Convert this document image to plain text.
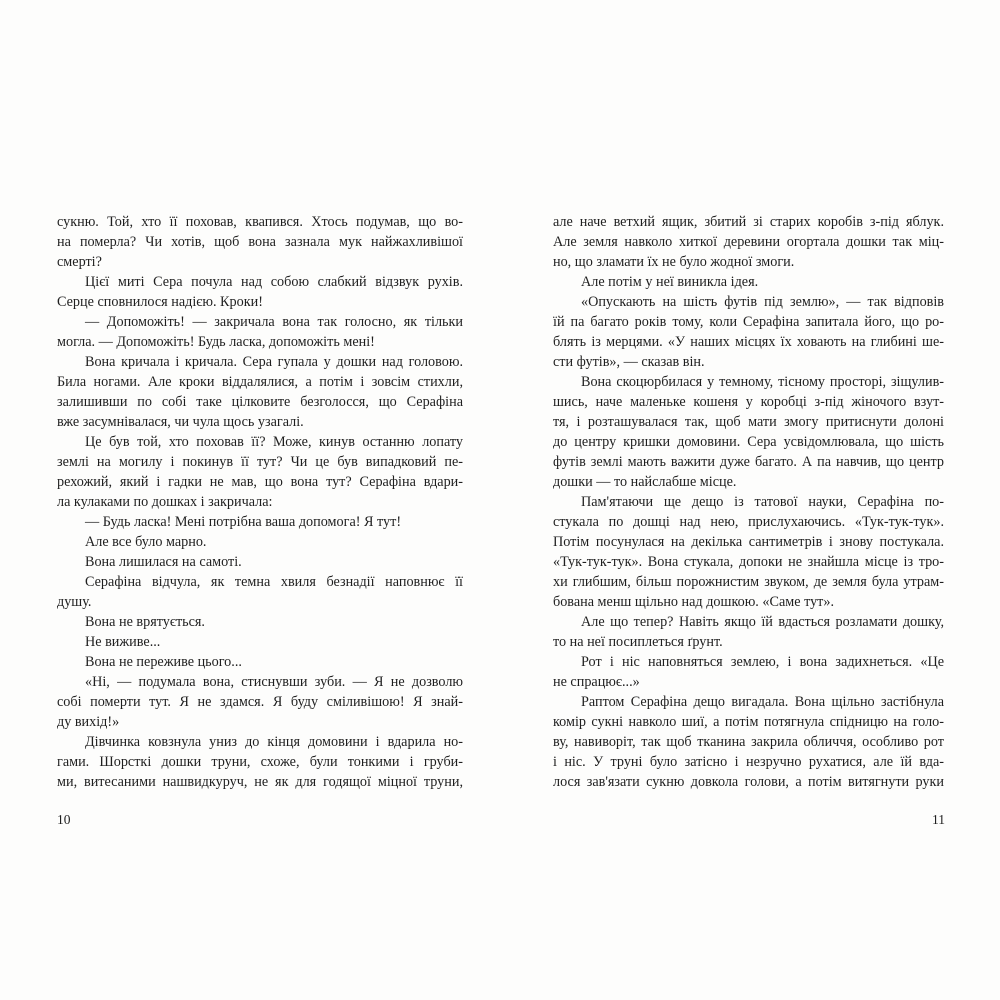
сукню. Той, хто її поховав, квапився. Хтось подумав, що во-
на померла? Чи хотів, щоб вона зазнала мук найжахливішої
смерті?
Цієї миті Сера почула над собою слабкий відзвук рухів.
Серце сповнилося надією. Кроки!
— Допоможіть! — закричала вона так голосно, як тільки
могла. — Допоможіть! Будь ласка, допоможіть мені!
Вона кричала і кричала. Сера гупала у дошки над головою.
Била ногами. Але кроки віддалялися, а потім і зовсім стихли,
залишивши по собі таке цілковите безголосся, що Серафіна
вже засумнівалася, чи чула щось узагалі.
Це був той, хто поховав її? Може, кинув останню лопату
землі на могилу і покинув її тут? Чи це був випадковий пе-
рехожий, який і гадки не мав, що вона тут? Серафіна вдари-
ла кулаками по дошках і закричала:
— Будь ласка! Мені потрібна ваша допомога! Я тут!
Але все було марно.
Вона лишилася на самоті.
Серафіна відчула, як темна хвиля безнадії наповнює її
душу.
Вона не врятується.
Не виживе...
Вона не переживе цього...
«Ні, — подумала вона, стиснувши зуби. — Я не дозволю
собі померти тут. Я не здамся. Я буду сміливішою! Я знай-
ду вихід!»
Дівчинка ковзнула униз до кінця домовини і вдарила но-
гами. Шорсткі дошки труни, схоже, були тонкими і груби-
ми, витесаними нашвидкуруч, не як для годящої міцної труни,
але наче ветхий ящик, збитий зі старих коробів з-під яблук.
Але земля навколо хиткої деревини огортала дошки так міц-
но, що зламати їх не було жодної змоги.
Але потім у неї виникла ідея.
«Опускають на шість футів під землю», — так відповів
їй па багато років тому, коли Серафіна запитала його, що ро-
блять із мерцями. «У наших місцях їх ховають на глибині ше-
сти футів», — сказав він.
Вона скоцюрбилася у темному, тісному просторі, зіщулив-
шись, наче маленьке кошеня у коробці з-під жіночого взут-
тя, і розташувалася так, щоб мати змогу притиснути долоні
до центру кришки домовини. Сера усвідомлювала, що шість
футів землі мають важити дуже багато. А па навчив, що центр
дошки — то найслабше місце.
Пам'ятаючи ще дещо із татової науки, Серафіна по-
стукала по дошці над нею, прислухаючись. «Тук-тук-тук».
Потім посунулася на декілька сантиметрів і знову постукала.
«Тук-тук-тук». Вона стукала, допоки не знайшла місце із тро-
хи глибшим, більш порожнистим звуком, де земля була утрам-
бована менш щільно над дошкою. «Саме тут».
Але що тепер? Навіть якщо їй вдасться розламати дошку,
то на неї посиплеться ґрунт.
Рот і ніс наповняться землею, і вона задихнеться. «Це
не спрацює...»
Раптом Серафіна дещо вигадала. Вона щільно застібнула
комір сукні навколо шиї, а потім потягнула спідницю на голо-
ву, навиворіт, так щоб тканина закрила обличчя, особливо рот
і ніс. У труні було затісно і незручно рухатися, але їй вда-
лося зав'язати сукню довкола голови, а потім витягнути руки
10	11
